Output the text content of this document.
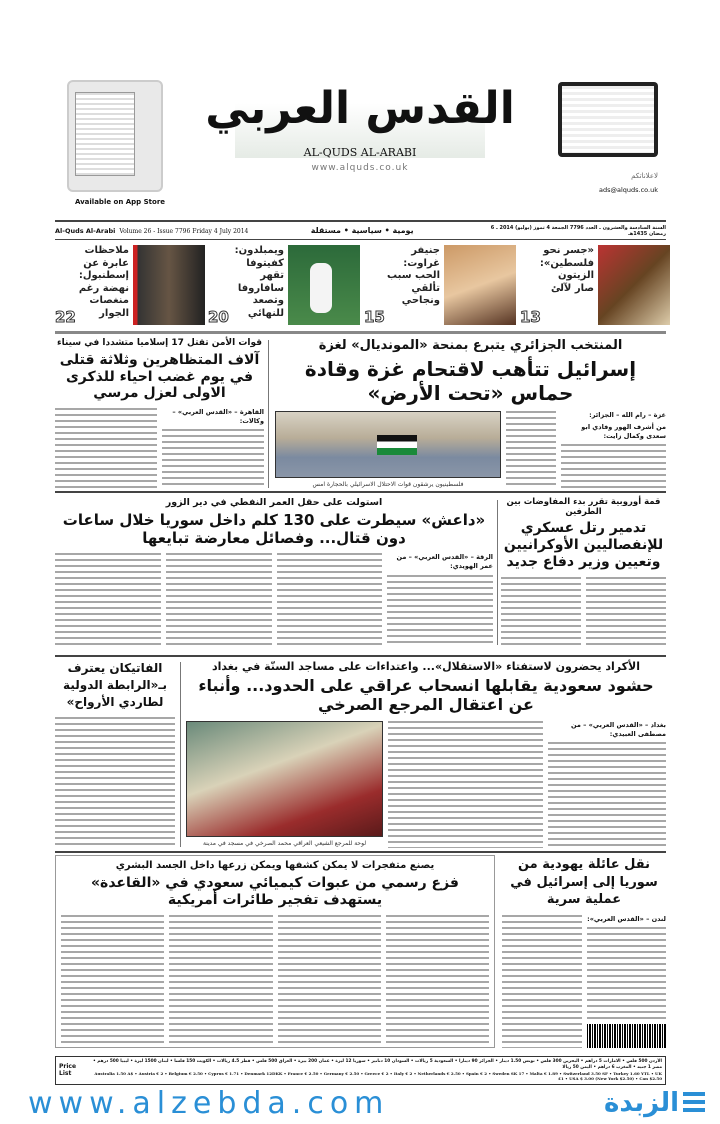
Available on App Store
القدس العربي
AL-QUDS AL-ARABI
www.alquds.co.uk
لاعلاناتكم
ads@alquds.co.uk
Al-Quds Al-Arabi Volume 26 - Issue 7796 Friday 4 July 2014	يومية • سياسية • مستقلة	السنة السادسة والعشرون ـ العدد 7796 الجمعة 4 تموز (يوليو) 2014 ـ 6 رمضان 1435هـ
«جسر نحو فلسطين»: الزيتون صار لآلئ
13
جنيفر غراوت: الحب سبب تألقي ونجاحي
15
ويمبلدون: كفيتوفا تقهر سافاروفا وتصعد للنهائي
20
ملاحظات عابرة عن إسطنبول: نهضة رغم منغصات الجوار
22
المنتخب الجزائري يتبرع بمنحة «المونديال» لغزة
إسرائيل تتأهب لاقتحام غزة وقادة حماس «تحت الأرض»
غزة – رام الله – الجزائر:
من أشرف الهور وفادي ابو سعدى وكمال زايت:
فلسطينيون يرشقون قوات الاحتلال الاسرائيلي بالحجارة امس
قوات الأمن تقتل 17 إسلاميا متشددا في سيناء
آلاف المتظاهرين وثلاثة قتلى في يوم غضب احياء للذكرى الاولى لعزل مرسي
القاهرة – «القدس العربي» – وكالات:
قمة أوروبية تقرر بدء المفاوضات بين الطرفين
تدمير رتل عسكري للإنفصاليين الأوكرانيين وتعيين وزير دفاع جديد
استولت على حقل العمر النفطي في دير الزور
«داعش» سيطرت على 130 كلم داخل سوريا خلال ساعات دون قتال... وفصائل معارضة تبايعها
الرقة – «القدس العربي» – من عمر الهويدي:
الأكراد يحضرون لاستفتاء «الاستقلال»... واعتداءات على مساجد السنّة في بغداد
حشود سعودية يقابلها انسحاب عراقي على الحدود... وأنباء عن اعتقال المرجع الصرخي
بغداد – «القدس العربي» – من مصطفى العبيدي:
لوحة للمرجع الشيعي العراقي محمد الصرخي في مسجد في مدينة
الفاتيكان يعترف بـ«الرابطة الدولية لطاردي الأرواح»
نقل عائلة يهودية من سوريا إلى إسرائيل في عملية سرية
لندن – «القدس العربي»:
يصنع متفجرات لا يمكن كشفها ويمكن زرعها داخل الجسد البشري
فزع رسمي من عبوات كيميائي سعودي في «القاعدة» يستهدف تفجير طائرات أمريكية
Price List
الأردن 500 فلس • الامارات 5 دراهم • البحرين 300 فلس • تونس 1.50 دينار • الجزائر 90 دينارا • السعودية 5 ريالات • السودان 10 دنانير • سوريا 12 ليرة • عمان 200 بيزة • العراق 500 فلس • قطر 4.5 ريالات • الكويت 150 فلسا • لبنان 1500 ليرة • ليبيا 500 درهم • مصر 1 جنيه • المغرب 6 دراهم • اليمن 50 ريالا
Australia 1.50 A$ • Austria € 2 • Belgium € 2.50 • Cyprus € 1.71 • Denmark 12DKK • France € 2.50 • Germany € 2.50 • Greece € 2 • Italy € 2 • Netherlands € 2.50 • Spain € 2 • Sweden SK 17 • Malta € 1.89 • Switzerland 3.50 SF • Turkey 1.60 YTL • UK £1 • USA $ 3.00 (New York $2.50) • Can $2.50
www.alzebda.com	الزبدة
